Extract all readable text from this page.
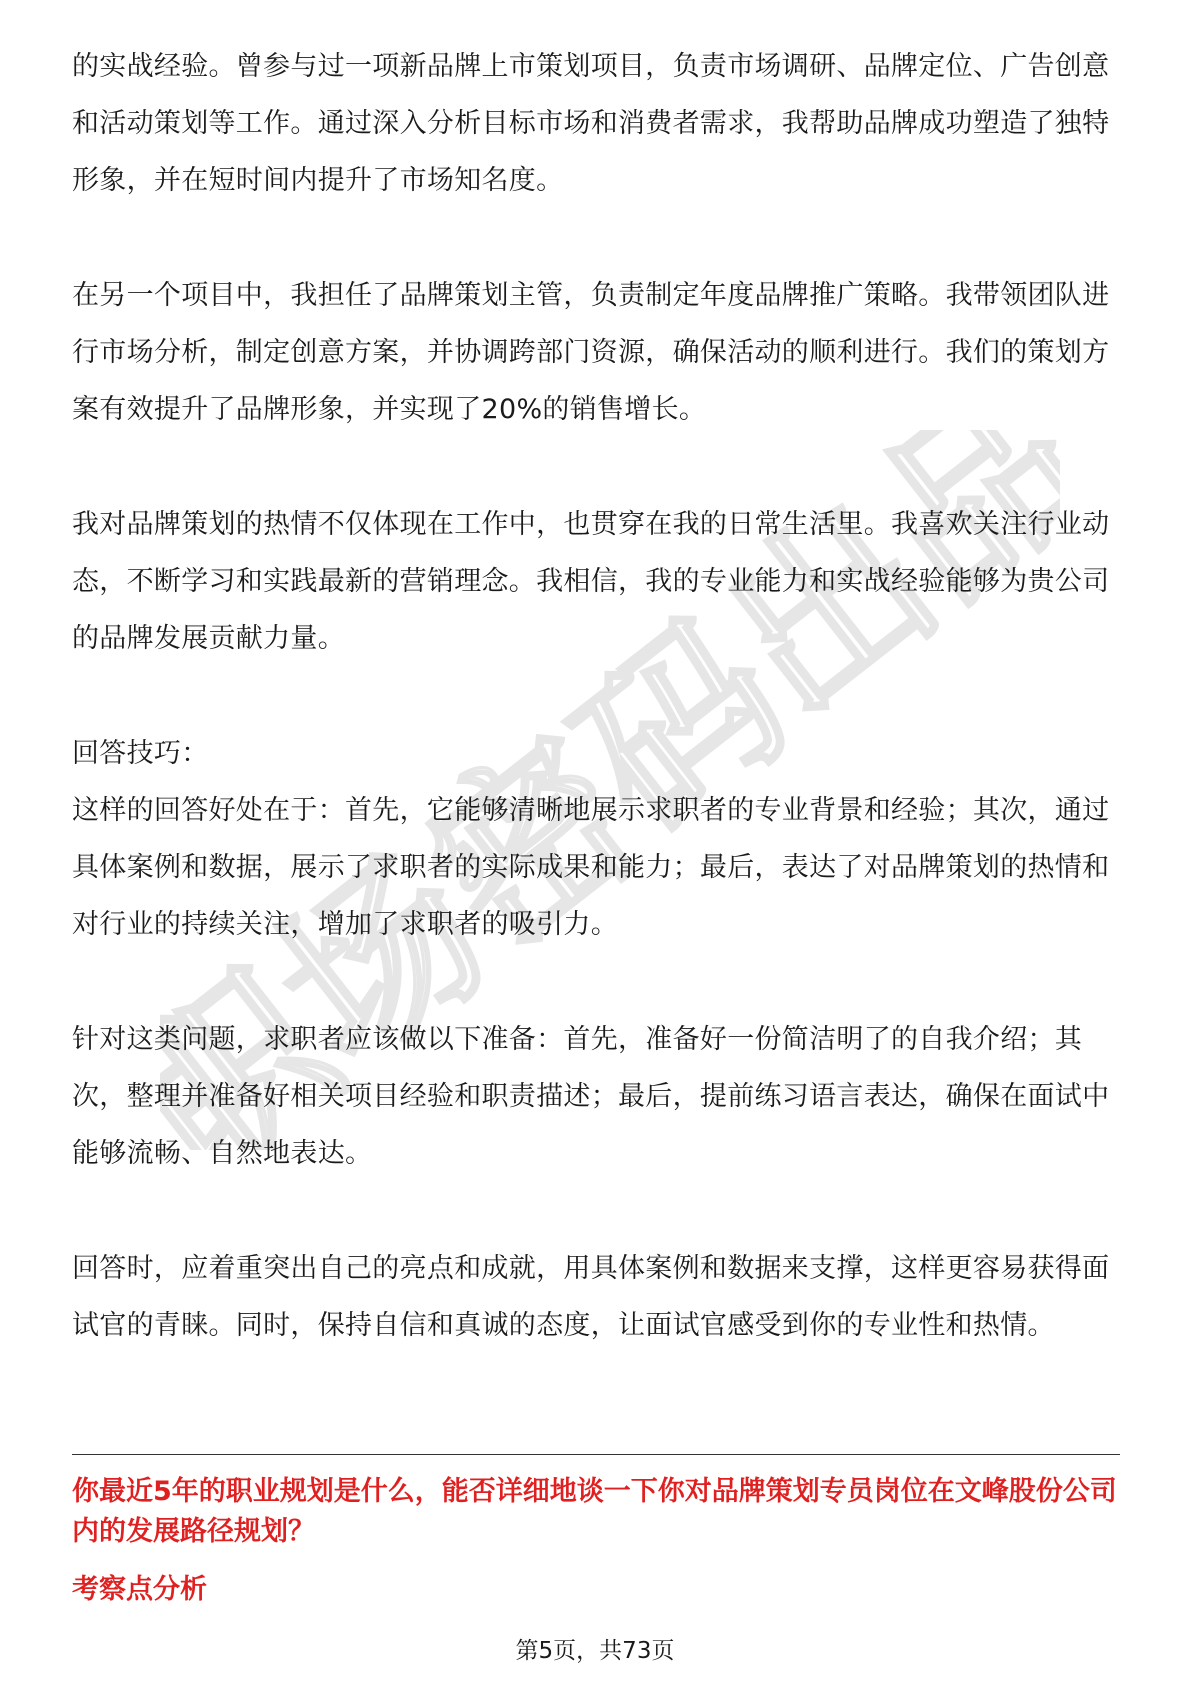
职场密码出品

的实战经验。曾参与过一项新品牌上市策划项目，负责市场调研、品牌定位、广告创意和活动策划等工作。通过深入分析目标市场和消费者需求，我帮助品牌成功塑造了独特形象，并在短时间内提升了市场知名度。

在另一个项目中，我担任了品牌策划主管，负责制定年度品牌推广策略。我带领团队进行市场分析，制定创意方案，并协调跨部门资源，确保活动的顺利进行。我们的策划方案有效提升了品牌形象，并实现了20%的销售增长。

我对品牌策划的热情不仅体现在工作中，也贯穿在我的日常生活里。我喜欢关注行业动态，不断学习和实践最新的营销理念。我相信，我的专业能力和实战经验能够为贵公司的品牌发展贡献力量。

回答技巧：

这样的回答好处在于：首先，它能够清晰地展示求职者的专业背景和经验；其次，通过具体案例和数据，展示了求职者的实际成果和能力；最后，表达了对品牌策划的热情和对行业的持续关注，增加了求职者的吸引力。

针对这类问题，求职者应该做以下准备：首先，准备好一份简洁明了的自我介绍；其次，整理并准备好相关项目经验和职责描述；最后，提前练习语言表达，确保在面试中能够流畅、自然地表达。

回答时，应着重突出自己的亮点和成就，用具体案例和数据来支撑，这样更容易获得面试官的青睐。同时，保持自信和真诚的态度，让面试官感受到你的专业性和热情。

你最近5年的职业规划是什么，能否详细地谈一下你对品牌策划专员岗位在文峰股份公司内的发展路径规划？

考察点分析

第5页，共73页
